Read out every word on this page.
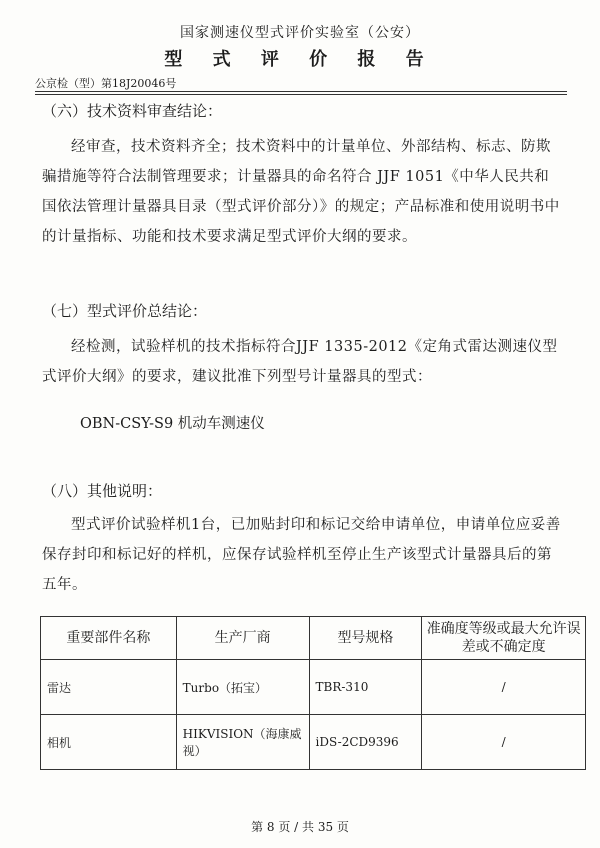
国家测速仪型式评价实验室（公安）
型 式 评 价 报 告
公京检（型）第18J20046号
（六）技术资料审查结论：
经审查，技术资料齐全；技术资料中的计量单位、外部结构、标志、防欺骗措施等符合法制管理要求；计量器具的命名符合 JJF 1051《中华人民共和国依法管理计量器具目录（型式评价部分）》的规定；产品标准和使用说明书中的计量指标、功能和技术要求满足型式评价大纲的要求。
（七）型式评价总结论：
经检测，试验样机的技术指标符合JJF 1335-2012《定角式雷达测速仪型式评价大纲》的要求，建议批准下列型号计量器具的型式：
OBN-CSY-S9 机动车测速仪
（八）其他说明：
型式评价试验样机1台，已加贴封印和标记交给申请单位，申请单位应妥善保存封印和标记好的样机，应保存试验样机至停止生产该型式计量器具后的第五年。
重要部件名称	生产厂商	型号规格	准确度等级或最大允许误差或不确定度
雷达	Turbo（拓宝）	TBR-310	/
相机	HIKVISION（海康威视）	iDS-2CD9396	/
第 8 页 / 共 35 页
